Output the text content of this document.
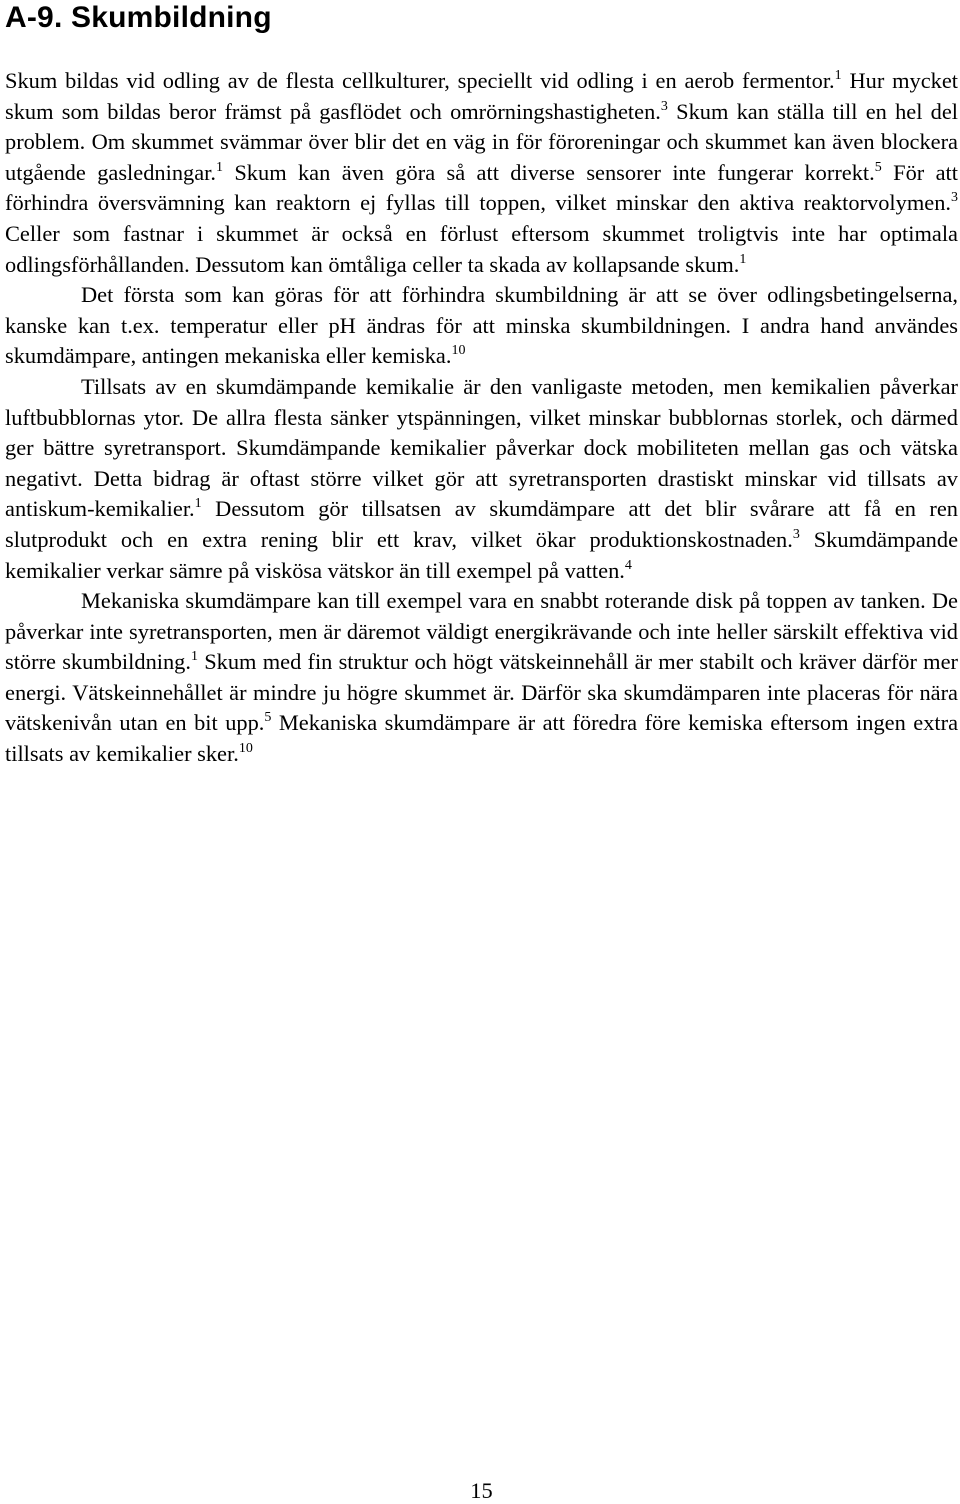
A-9. Skumbildning

Skum bildas vid odling av de flesta cellkulturer, speciellt vid odling i en aerob fermentor.$^1$ Hur mycket skum som bildas beror främst på gasflödet och omrörningshastigheten.$^3$ Skum kan ställa till en hel del problem. Om skummet svämmar över blir det en väg in för föroreningar och skummet kan även blockera utgående gasledningar.$^1$ Skum kan även göra så att diverse sensorer inte fungerar korrekt.$^5$ För att förhindra översvämning kan reaktorn ej fyllas till toppen, vilket minskar den aktiva reaktorvolymen.$^3$ Celler som fastnar i skummet är också en förlust eftersom skummet troligtvis inte har optimala odlingsförhållanden. Dessutom kan ömtåliga celler ta skada av kollapsande skum.$^1$

Det första som kan göras för att förhindra skumbildning är att se över odlingsbetingelserna, kanske kan t.ex. temperatur eller pH ändras för att minska skumbildningen. I andra hand användes skumdämpare, antingen mekaniska eller kemiska.$^{10}$

Tillsats av en skumdämpande kemikalie är den vanligaste metoden, men kemikalien påverkar luftbubblornas ytor. De allra flesta sänker ytspänningen, vilket minskar bubblornas storlek, och därmed ger bättre syretransport. Skumdämpande kemikalier påverkar dock mobiliteten mellan gas och vätska negativt. Detta bidrag är oftast större vilket gör att syretransporten drastiskt minskar vid tillsats av antiskum-kemikalier.$^1$ Dessutom gör tillsatsen av skumdämpare att det blir svårare att få en ren slutprodukt och en extra rening blir ett krav, vilket ökar produktionskostnaden.$^3$ Skumdämpande kemikalier verkar sämre på viskösa vätskor än till exempel på vatten.$^4$

Mekaniska skumdämpare kan till exempel vara en snabbt roterande disk på toppen av tanken. De påverkar inte syretransporten, men är däremot väldigt energikrävande och inte heller särskilt effektiva vid större skumbildning.$^1$ Skum med fin struktur och högt vätskeinnehåll är mer stabilt och kräver därför mer energi. Vätskeinnehållet är mindre ju högre skummet är. Därför ska skumdämparen inte placeras för nära vätskenivån utan en bit upp.$^5$ Mekaniska skumdämpare är att föredra före kemiska eftersom ingen extra tillsats av kemikalier sker.$^{10}$

15
